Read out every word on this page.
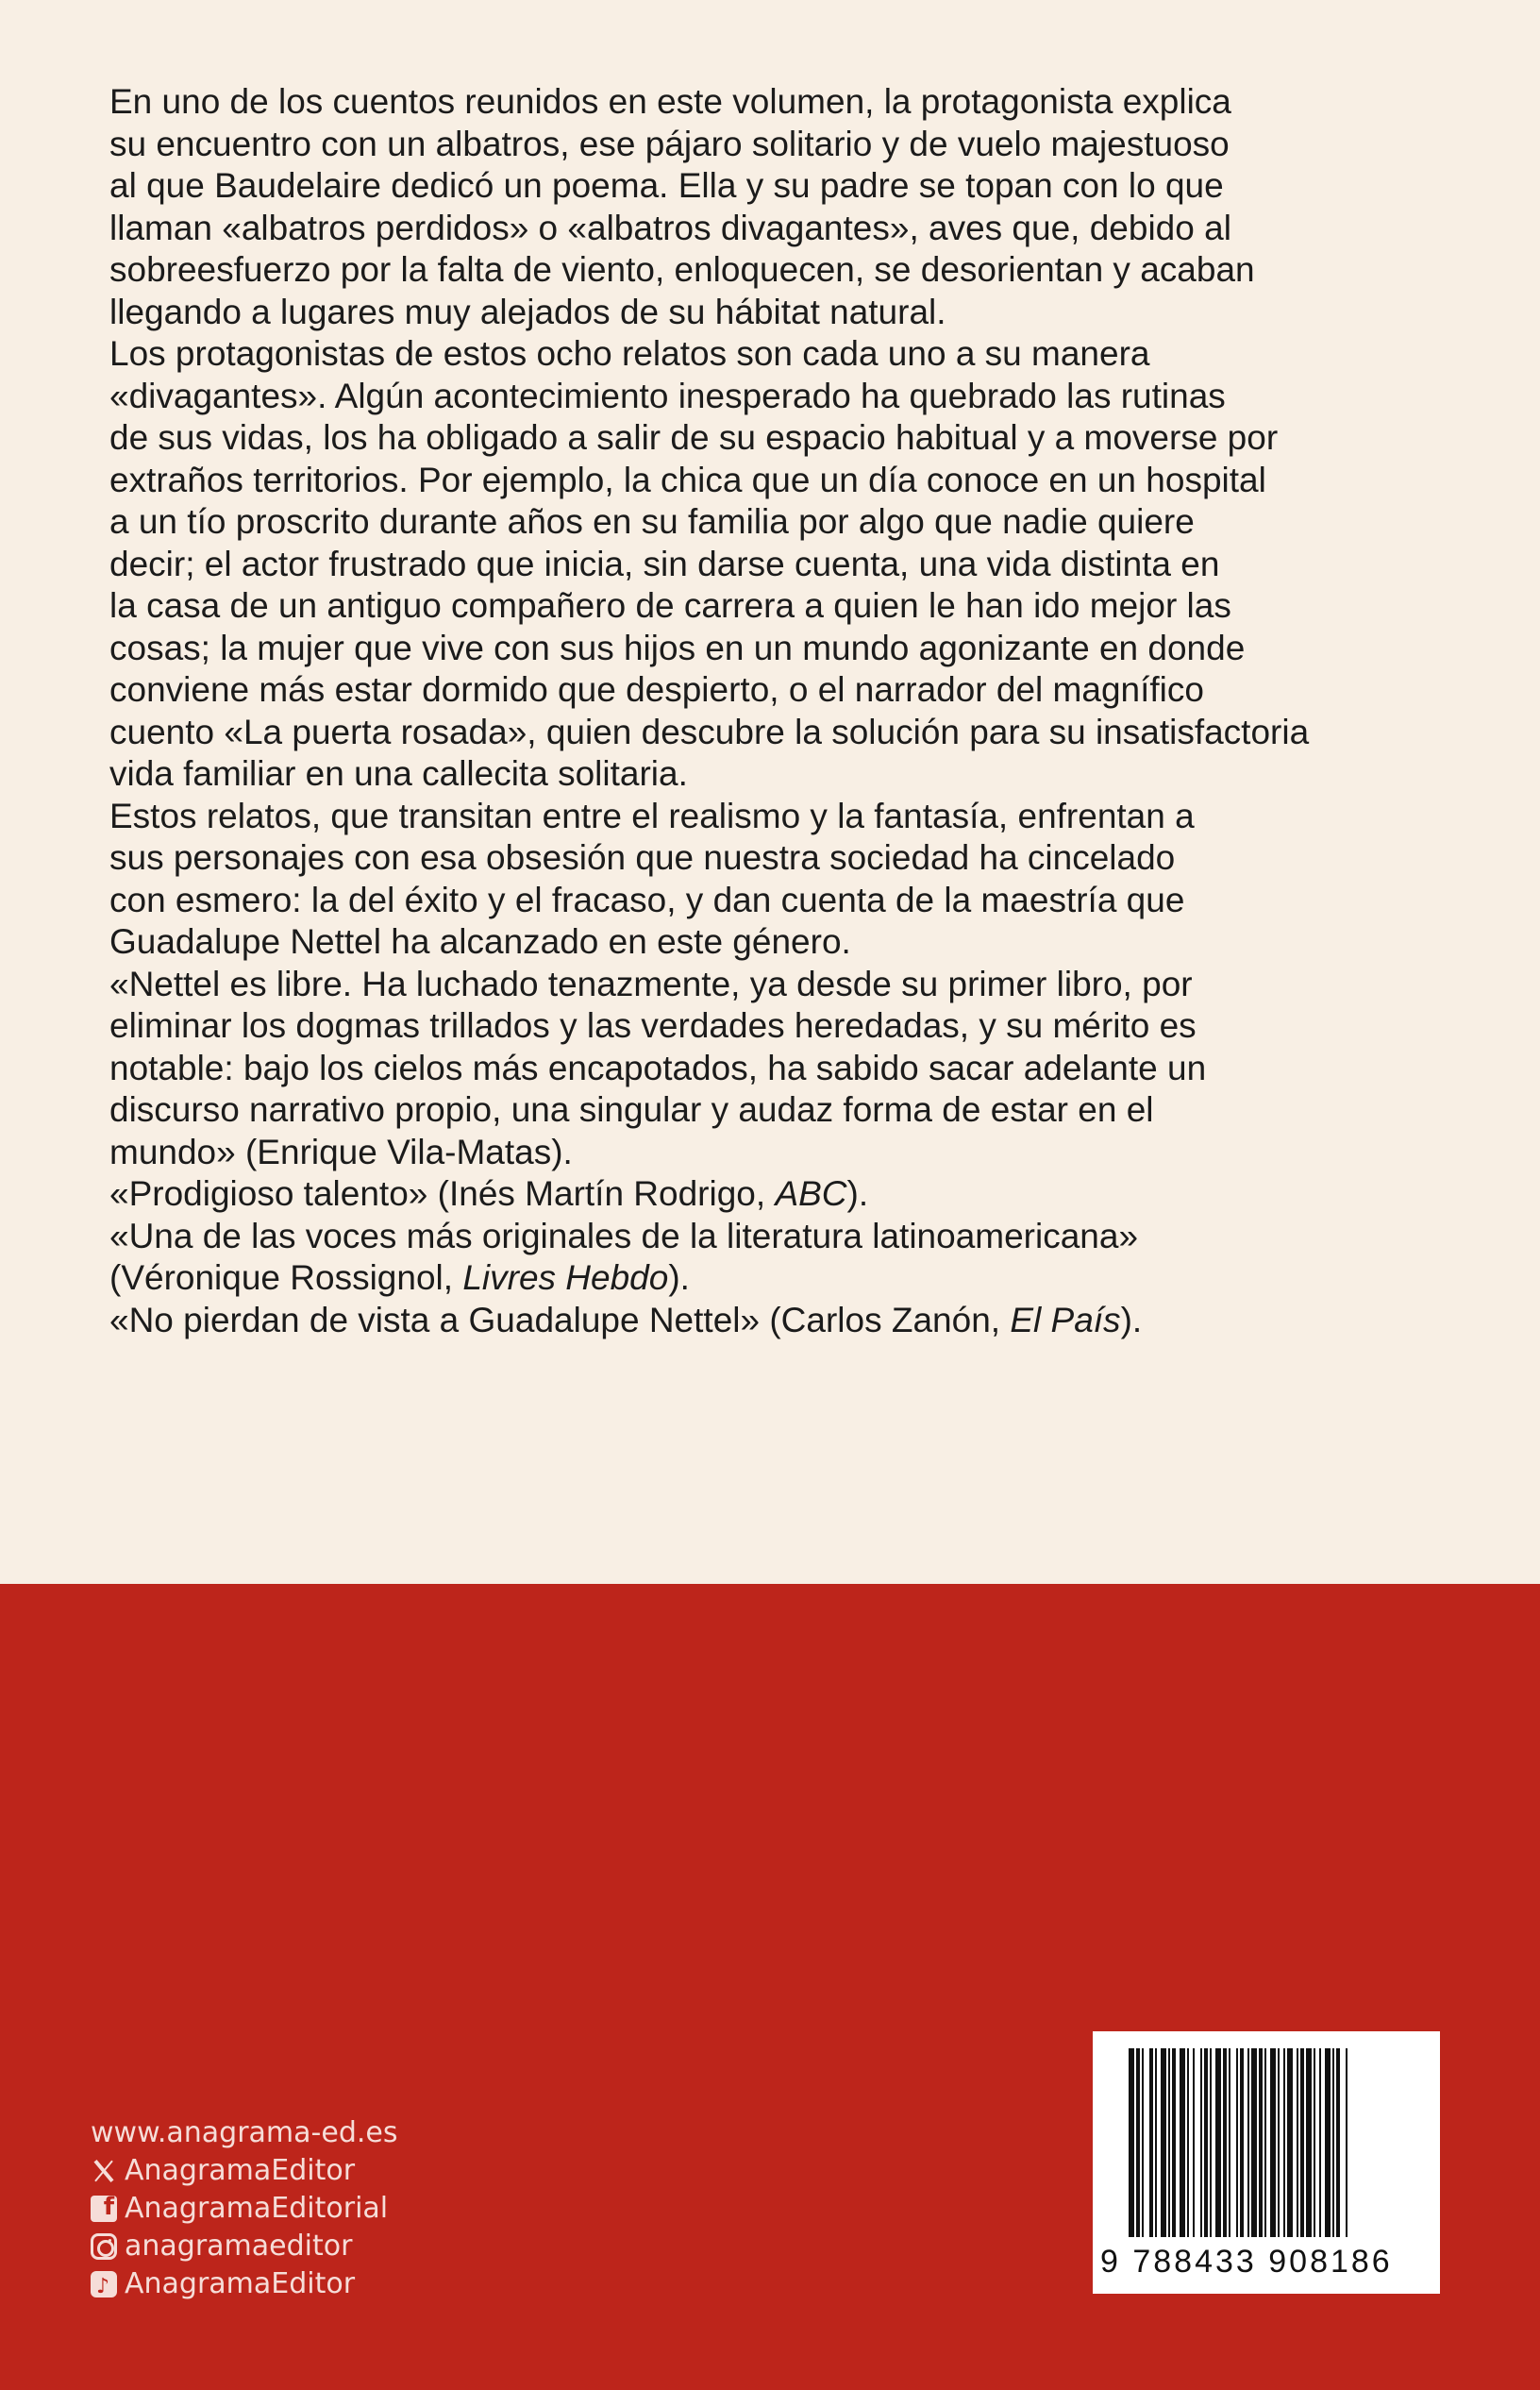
En uno de los cuentos reunidos en este volumen, la protagonista explica
su encuentro con un albatros, ese pájaro solitario y de vuelo majestuoso
al que Baudelaire dedicó un poema. Ella y su padre se topan con lo que
llaman «albatros perdidos» o «albatros divagantes», aves que, debido al
sobreesfuerzo por la falta de viento, enloquecen, se desorientan y acaban
llegando a lugares muy alejados de su hábitat natural.

Los protagonistas de estos ocho relatos son cada uno a su manera
«divagantes». Algún acontecimiento inesperado ha quebrado las rutinas
de sus vidas, los ha obligado a salir de su espacio habitual y a moverse por
extraños territorios. Por ejemplo, la chica que un día conoce en un hospital
a un tío proscrito durante años en su familia por algo que nadie quiere
decir; el actor frustrado que inicia, sin darse cuenta, una vida distinta en
la casa de un antiguo compañero de carrera a quien le han ido mejor las
cosas; la mujer que vive con sus hijos en un mundo agonizante en donde
conviene más estar dormido que despierto, o el narrador del magnífico
cuento «La puerta rosada», quien descubre la solución para su insatisfactoria
vida familiar en una callecita solitaria.

Estos relatos, que transitan entre el realismo y la fantasía, enfrentan a
sus personajes con esa obsesión que nuestra sociedad ha cincelado
con esmero: la del éxito y el fracaso, y dan cuenta de la maestría que
Guadalupe Nettel ha alcanzado en este género.

«Nettel es libre. Ha luchado tenazmente, ya desde su primer libro, por
eliminar los dogmas trillados y las verdades heredadas, y su mérito es
notable: bajo los cielos más encapotados, ha sabido sacar adelante un
discurso narrativo propio, una singular y audaz forma de estar en el
mundo» (Enrique Vila-Matas).

«Prodigioso talento» (Inés Martín Rodrigo, ABC).

«Una de las voces más originales de la literatura latinoamericana»
(Véronique Rossignol, Livres Hebdo).

«No pierdan de vista a Guadalupe Nettel» (Carlos Zanón, El País).

www.anagrama-ed.es
AnagramaEditor
f
AnagramaEditorial
anagramaeditor
♪
AnagramaEditor
9 788433 908186
